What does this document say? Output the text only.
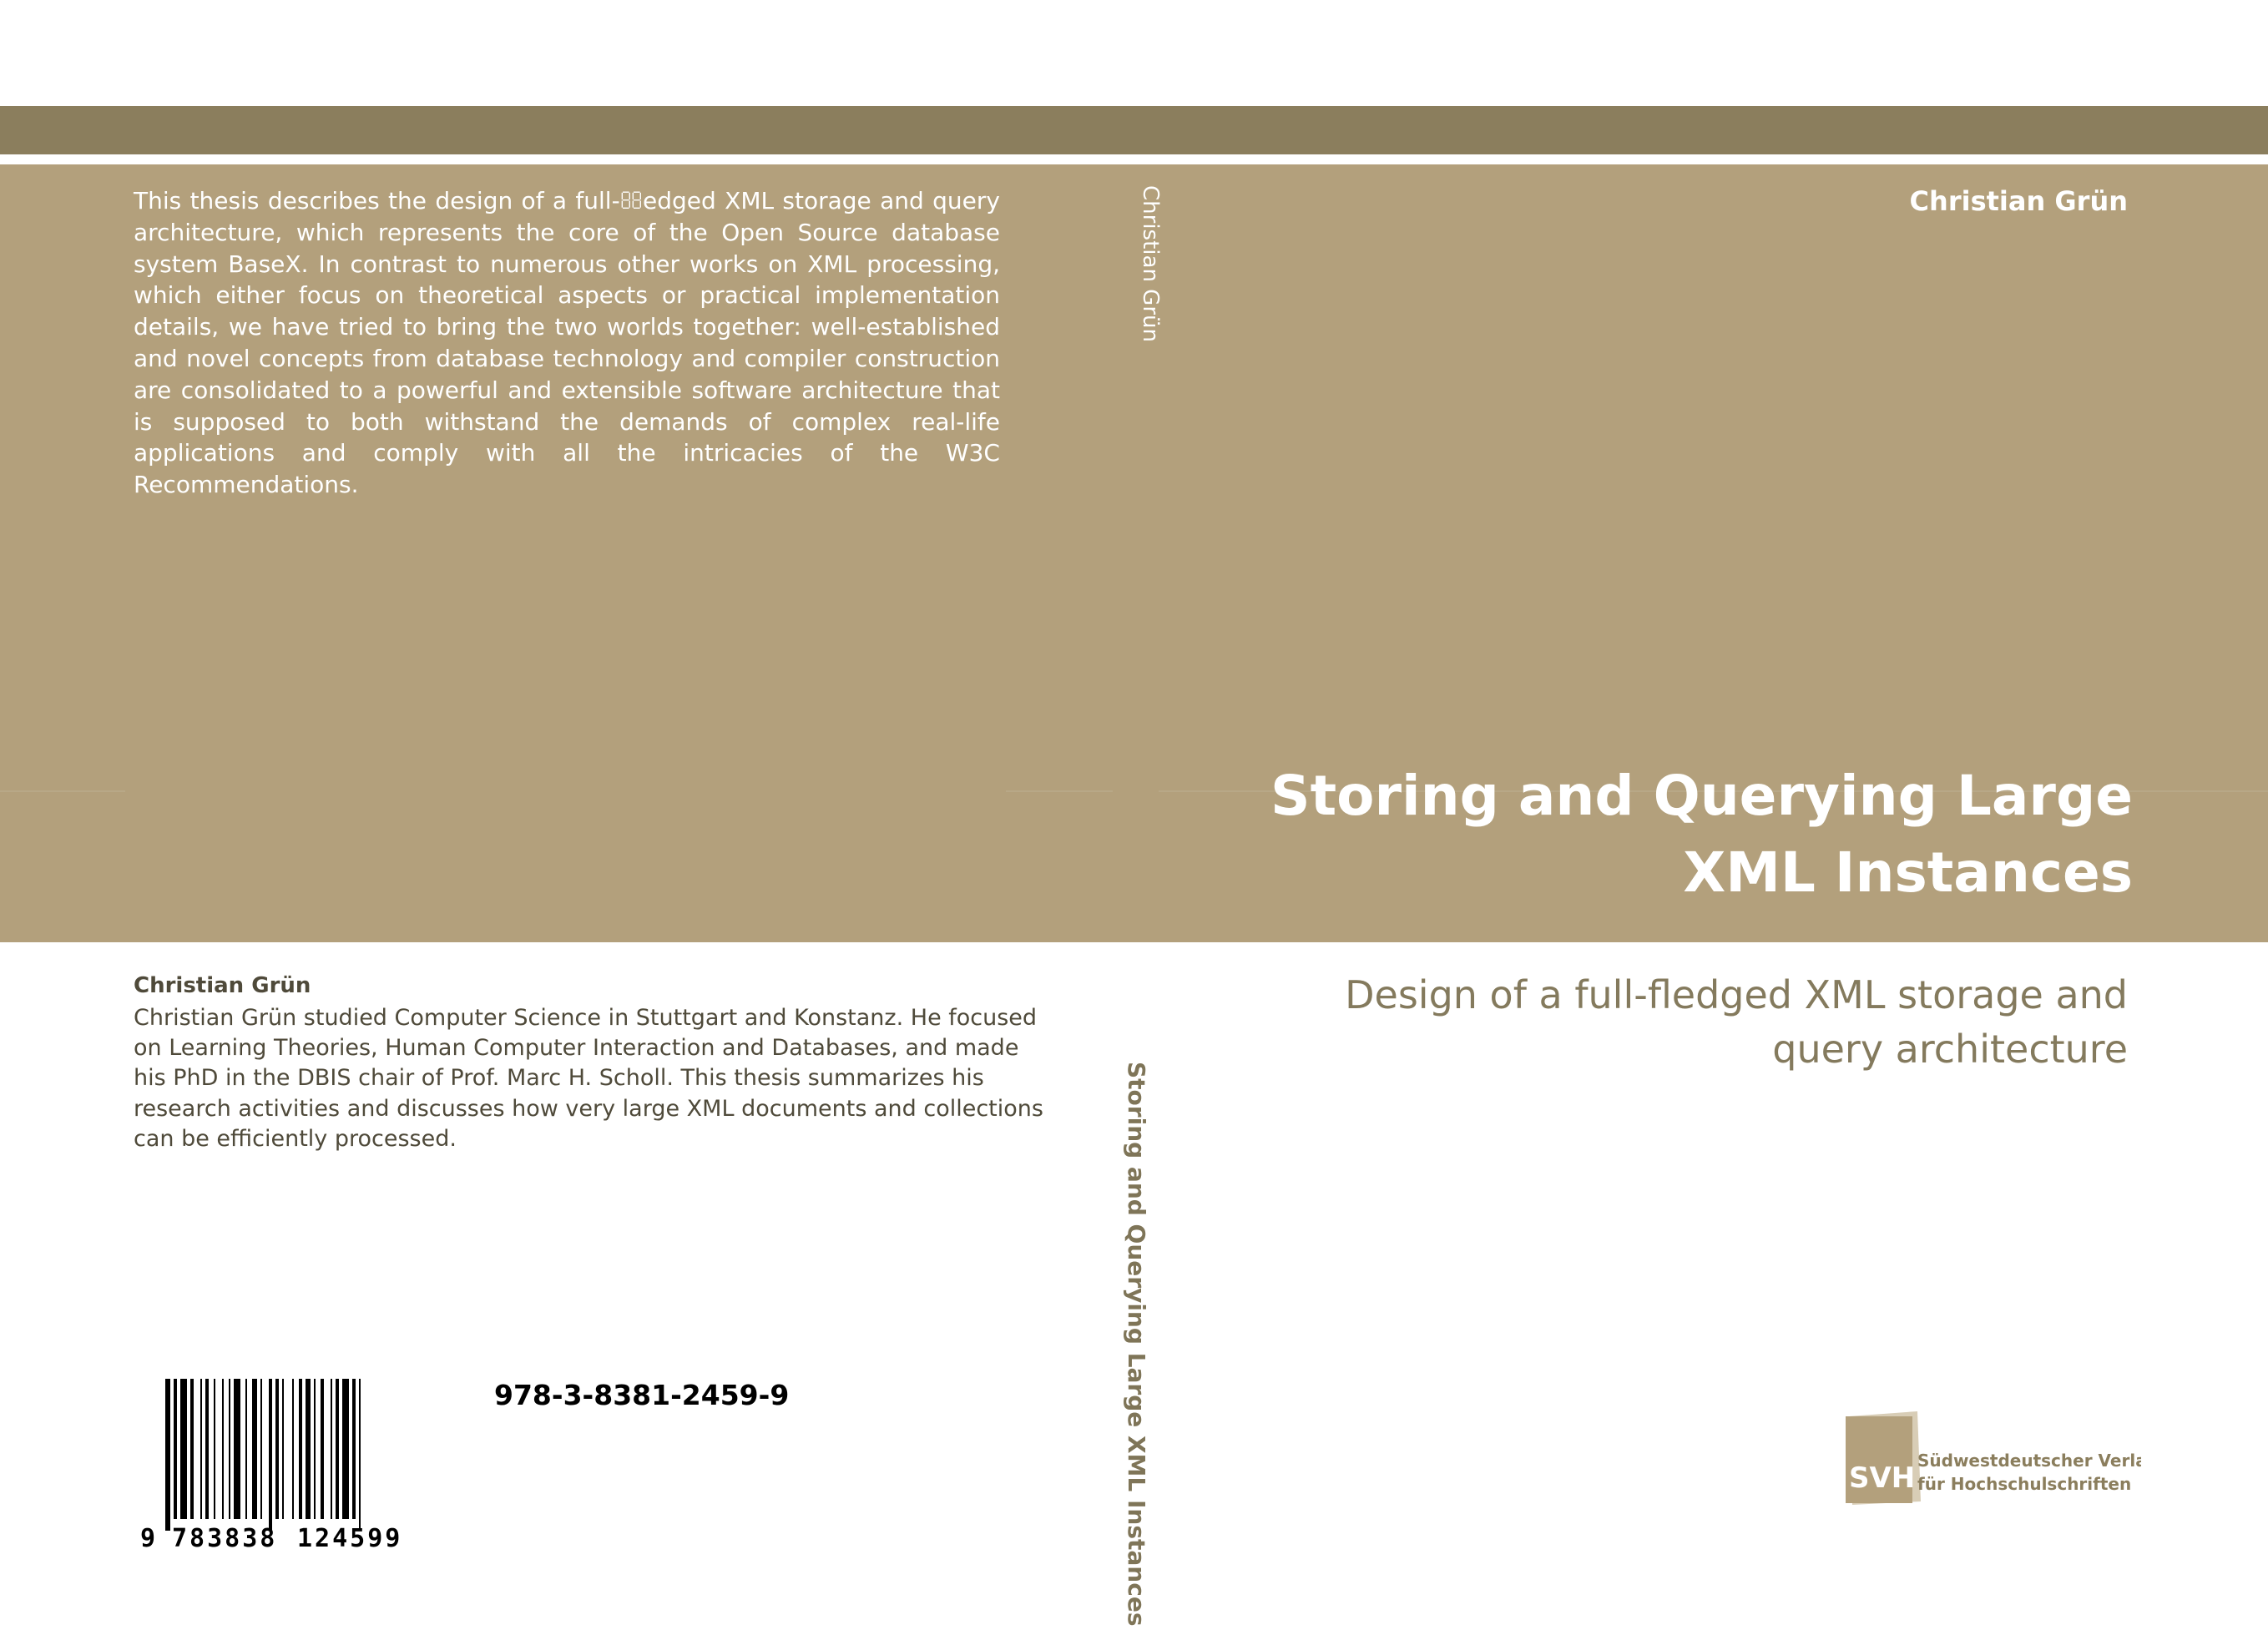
This thesis describes the design of a full- edged XML storage and query architecture, which represents the core of the Open Source database system BaseX. In contrast to numerous other works on XML processing, which either focus on theoretical aspects or practical implementation details, we have tried to bring the two worlds together: well-established and novel concepts from database technology and compiler construction are consolidated to a powerful and extensible software architecture that is supposed to both withstand the demands of complex real-life applications and comply with all the intricacies of the W3C Recommendations.
Christian Grün
Storing and Querying Large XML Instances
Christian Grün
Storing and Querying Large
XML Instances
Design of a full-fledged XML storage and
query architecture
Christian Grün
Christian Grün studied Computer Science in Stuttgart and Konstanz. He focused on Learning Theories, Human Computer Interaction and Databases, and made his PhD in the DBIS chair of Prof. Marc H. Scholl. This thesis summarizes his research activities and discusses how very large XML documents and collections can be efficiently processed.
9 783838 124599
978-3-8381-2459-9
SVH
Südwestdeutscher Verlag
für Hochschulschriften
